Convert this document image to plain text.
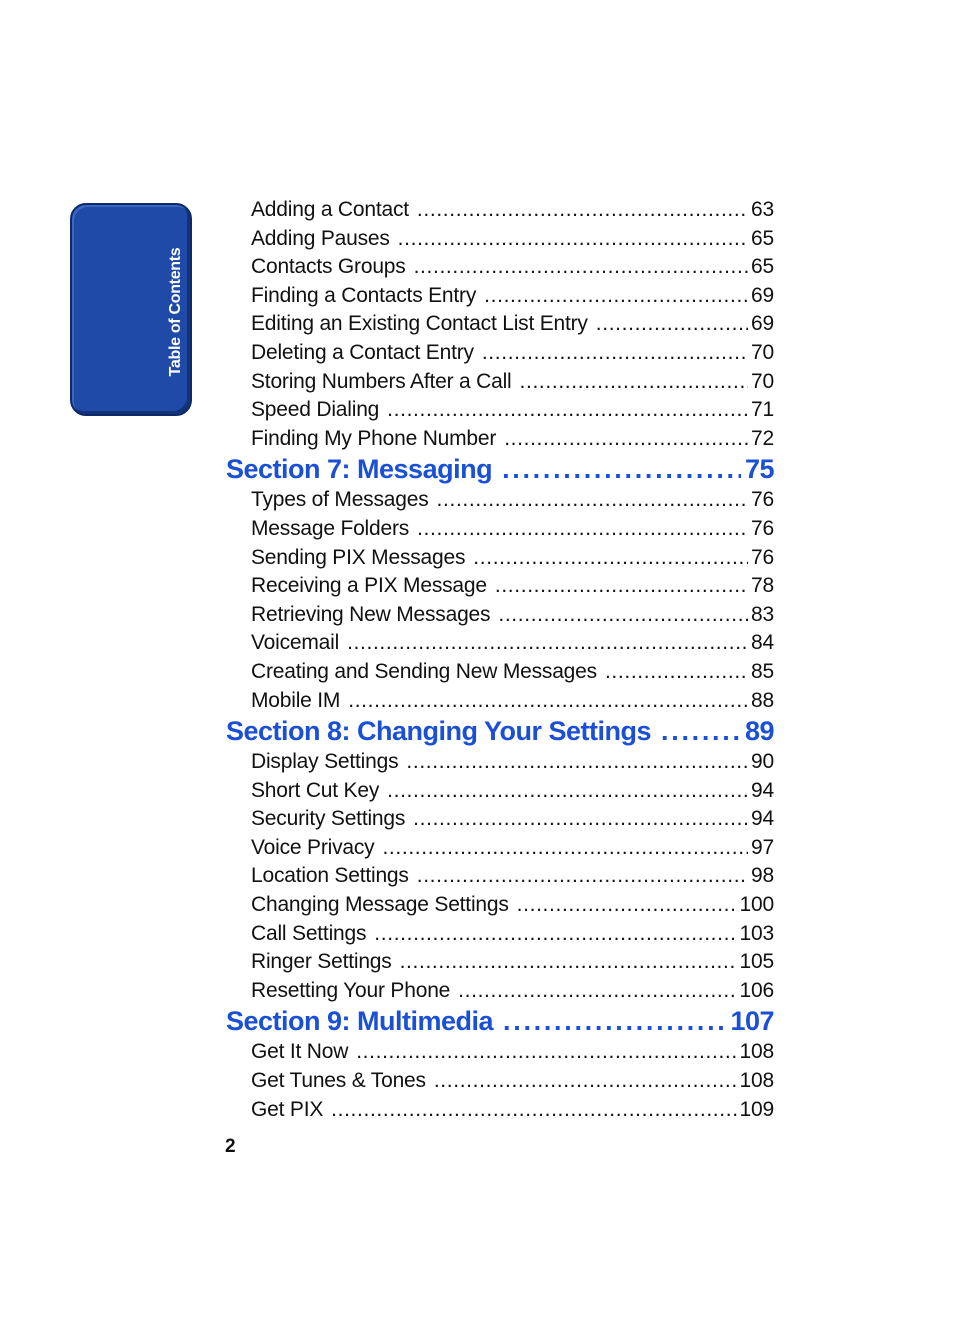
Table of Contents
Adding a Contact . . .	63
Adding Pauses . . .	65
Contacts Groups . . .	65
Finding a Contacts Entry . . .	69
Editing an Existing Contact List Entry . . .	69
Deleting a Contact Entry . . .	70
Storing Numbers After a Call . . .	70
Speed Dialing . . .	71
Finding My Phone Number . . .	72
Section 7: Messaging . . .	75
Types of Messages . . .	76
Message Folders . . .	76
Sending PIX Messages . . .	76
Receiving a PIX Message . . .	78
Retrieving New Messages . . .	83
Voicemail . . .	84
Creating and Sending New Messages . . .	85
Mobile IM . . .	88
Section 8: Changing Your Settings . . .	89
Display Settings . . .	90
Short Cut Key . . .	94
Security Settings . . .	94
Voice Privacy . . .	97
Location Settings . . .	98
Changing Message Settings . . .	100
Call Settings . . .	103
Ringer Settings . . .	105
Resetting Your Phone . . .	106
Section 9: Multimedia . . .	107
Get It Now . . .	108
Get Tunes & Tones . . .	108
Get PIX . . .	109
2
